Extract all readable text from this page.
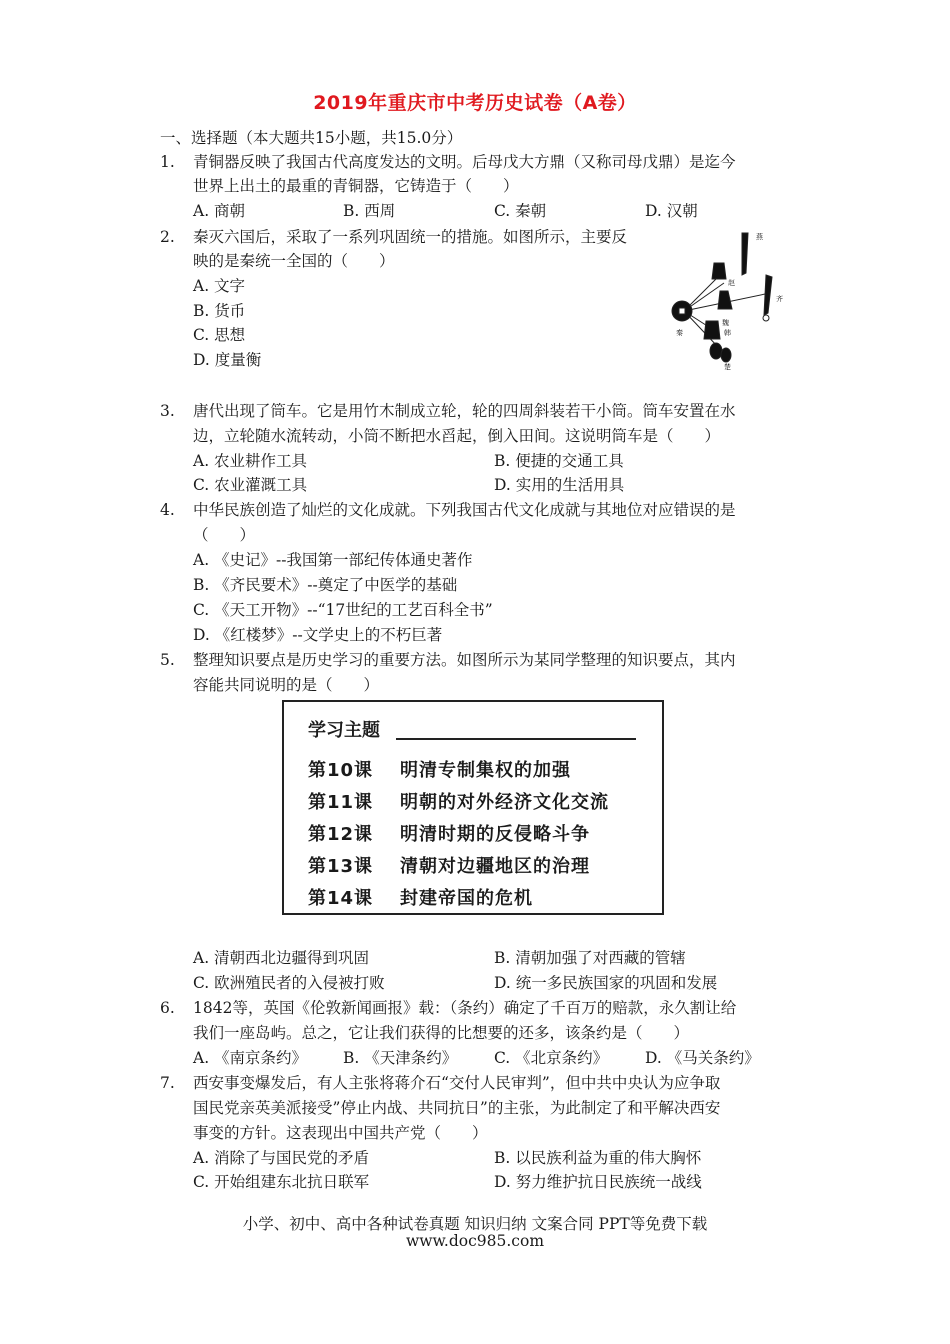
2019年重庆市中考历史试卷（A卷）
一、选择题（本大题共15小题，共15.0分）
1. 青铜器反映了我国古代高度发达的文明。后母戊大方鼎（又称司母戊鼎）是迄今
世界上出土的最重的青铜器，它铸造于（　　）
A. 商朝	B. 西周	C. 秦朝	D. 汉朝
2. 秦灭六国后，采取了一系列巩固统一的措施。如图所示，主要反
映的是秦统一全国的（　　）
A. 文字
B. 货币
C. 思想
D. 度量衡
燕
齐
赵
韩
魏
秦
楚
3. 唐代出现了筒车。它是用竹木制成立轮，轮的四周斜装若干小筒。筒车安置在水
边，立轮随水流转动，小筒不断把水舀起，倒入田间。这说明筒车是（　　）
A. 农业耕作工具	B. 便捷的交通工具
C. 农业灌溉工具	D. 实用的生活用具
4. 中华民族创造了灿烂的文化成就。下列我国古代文化成就与其地位对应错误的是
（　　）
A. 《史记》--我国第一部纪传体通史著作
B. 《齐民要术》--奠定了中医学的基础
C. 《天工开物》--“17世纪的工艺百科全书”
D. 《红楼梦》--文学史上的不朽巨著
5. 整理知识要点是历史学习的重要方法。如图所示为某同学整理的知识要点，其内
容能共同说明的是（　　）
学习主题
第10课 明清专制集权的加强
第11课 明朝的对外经济文化交流
第12课 明清时期的反侵略斗争
第13课 清朝对边疆地区的治理
第14课 封建帝国的危机
A. 清朝西北边疆得到巩固	B. 清朝加强了对西藏的管辖
C. 欧洲殖民者的入侵被打败	D. 统一多民族国家的巩固和发展
6. 1842等，英国《伦敦新闻画报》载：（条约）确定了千百万的赔款，永久割让给
我们一座岛屿。总之，它让我们获得的比想要的还多，该条约是（　　）
A. 《南京条约》 B. 《天津条约》 C. 《北京条约》 D. 《马关条约》
7. 西安事变爆发后，有人主张将蒋介石“交付人民审判”，但中共中央认为应争取
国民党亲英美派接受”停止内战、共同抗日”的主张，为此制定了和平解决西安
事变的方针。这表现出中国共产党（　　）
A. 消除了与国民党的矛盾	B. 以民族利益为重的伟大胸怀
C. 开始组建东北抗日联军	D. 努力维护抗日民族统一战线
小学、初中、高中各种试卷真题 知识归纳 文案合同 PPT等免费下载
www.doc985.com
